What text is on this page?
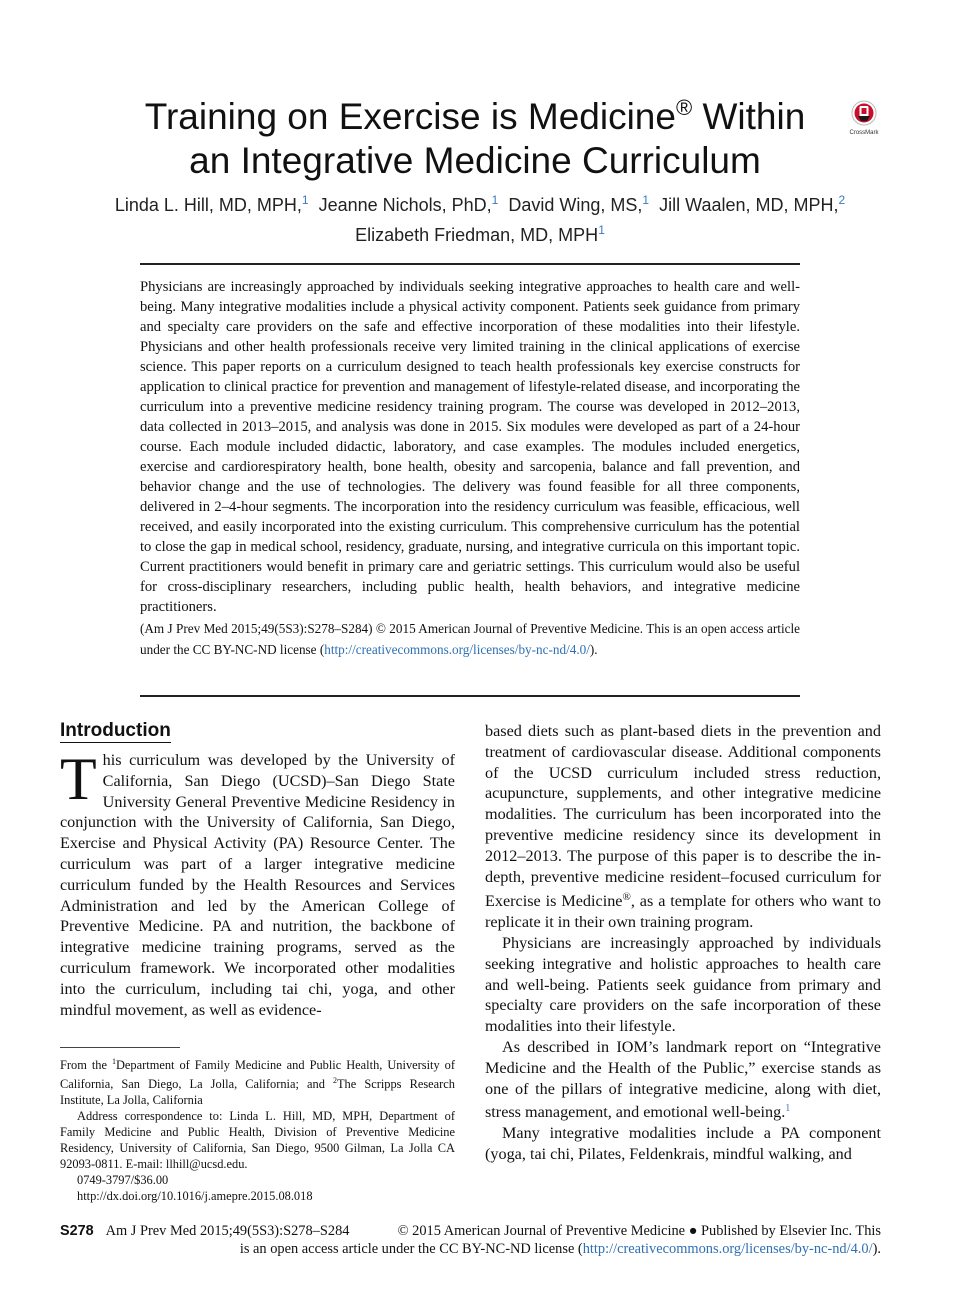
Training on Exercise is Medicine® Within
an Integrative Medicine Curriculum
CrossMark
Linda L. Hill, MD, MPH,$^1$ Jeanne Nichols, PhD,$^1$ David Wing, MS,$^1$ Jill Waalen, MD, MPH,$^2$
Elizabeth Friedman, MD, MPH$^1$

Physicians are increasingly approached by individuals seeking integrative approaches to health care and well-being. Many integrative modalities include a physical activity component. Patients seek guidance from primary and specialty care providers on the safe and effective incorporation of these modalities into their lifestyle. Physicians and other health professionals receive very limited training in the clinical applications of exercise science. This paper reports on a curriculum designed to teach health professionals key exercise constructs for application to clinical practice for prevention and management of lifestyle-related disease, and incorporating the curriculum into a preventive medicine residency training program. The course was developed in 2012–2013, data collected in 2013–2015, and analysis was done in 2015. Six modules were developed as part of a 24-hour course. Each module included didactic, laboratory, and case examples. The modules included energetics, exercise and cardiorespiratory health, bone health, obesity and sarcopenia, balance and fall prevention, and behavior change and the use of technologies. The delivery was found feasible for all three components, delivered in 2–4-hour segments. The incorporation into the residency curriculum was feasible, efficacious, well received, and easily incorporated into the existing curriculum. This comprehensive curriculum has the potential to close the gap in medical school, residency, graduate, nursing, and integrative curricula on this important topic. Current practitioners would benefit in primary care and geriatric settings. This curriculum would also be useful for cross-disciplinary researchers, including public health, health behaviors, and integrative medicine practitioners.

(Am J Prev Med 2015;49(5S3):S278–S284) © 2015 American Journal of Preventive Medicine. This is an open access article under the CC BY-NC-ND license (http://creativecommons.org/licenses/by-nc-nd/4.0/).

Introduction

This curriculum was developed by the University of California, San Diego (UCSD)–San Diego State University General Preventive Medicine Residency in conjunction with the University of California, San Diego, Exercise and Physical Activity (PA) Resource Center. The curriculum was part of a larger integrative medicine curriculum funded by the Health Resources and Services Administration and led by the American College of Preventive Medicine. PA and nutrition, the backbone of integrative medicine training programs, served as the curriculum framework. We incorporated other modalities into the curriculum, including tai chi, yoga, and other mindful movement, as well as evidence-

based diets such as plant-based diets in the prevention and treatment of cardiovascular disease. Additional components of the UCSD curriculum included stress reduction, acupuncture, supplements, and other integrative medicine modalities. The curriculum has been incorporated into the preventive medicine residency since its development in 2012–2013. The purpose of this paper is to describe the in-depth, preventive medicine resident–focused curriculum for Exercise is Medicine®, as a template for others who want to replicate it in their own training program.

Physicians are increasingly approached by individuals seeking integrative and holistic approaches to health care and well-being. Patients seek guidance from primary and specialty care providers on the safe incorporation of these modalities into their lifestyle.

As described in IOM’s landmark report on “Integrative Medicine and the Health of the Public,” exercise stands as one of the pillars of integrative medicine, along with diet, stress management, and emotional well-being.$^1$

Many integrative modalities include a PA component (yoga, tai chi, Pilates, Feldenkrais, mindful walking, and

From the $^1$Department of Family Medicine and Public Health, University of California, San Diego, La Jolla, California; and $^2$The Scripps Research Institute, La Jolla, California

Address correspondence to: Linda L. Hill, MD, MPH, Department of Family Medicine and Public Health, Division of Preventive Medicine Residency, University of California, San Diego, 9500 Gilman, La Jolla CA 92093-0811. E-mail: llhill@ucsd.edu.

0749-3797/$36.00

http://dx.doi.org/10.1016/j.amepre.2015.08.018

S278 Am J Prev Med 2015;49(5S3):S278–S284	© 2015 American Journal of Preventive Medicine ● Published by Elsevier Inc. This
is an open access article under the CC BY-NC-ND license (http://creativecommons.org/licenses/by-nc-nd/4.0/).
